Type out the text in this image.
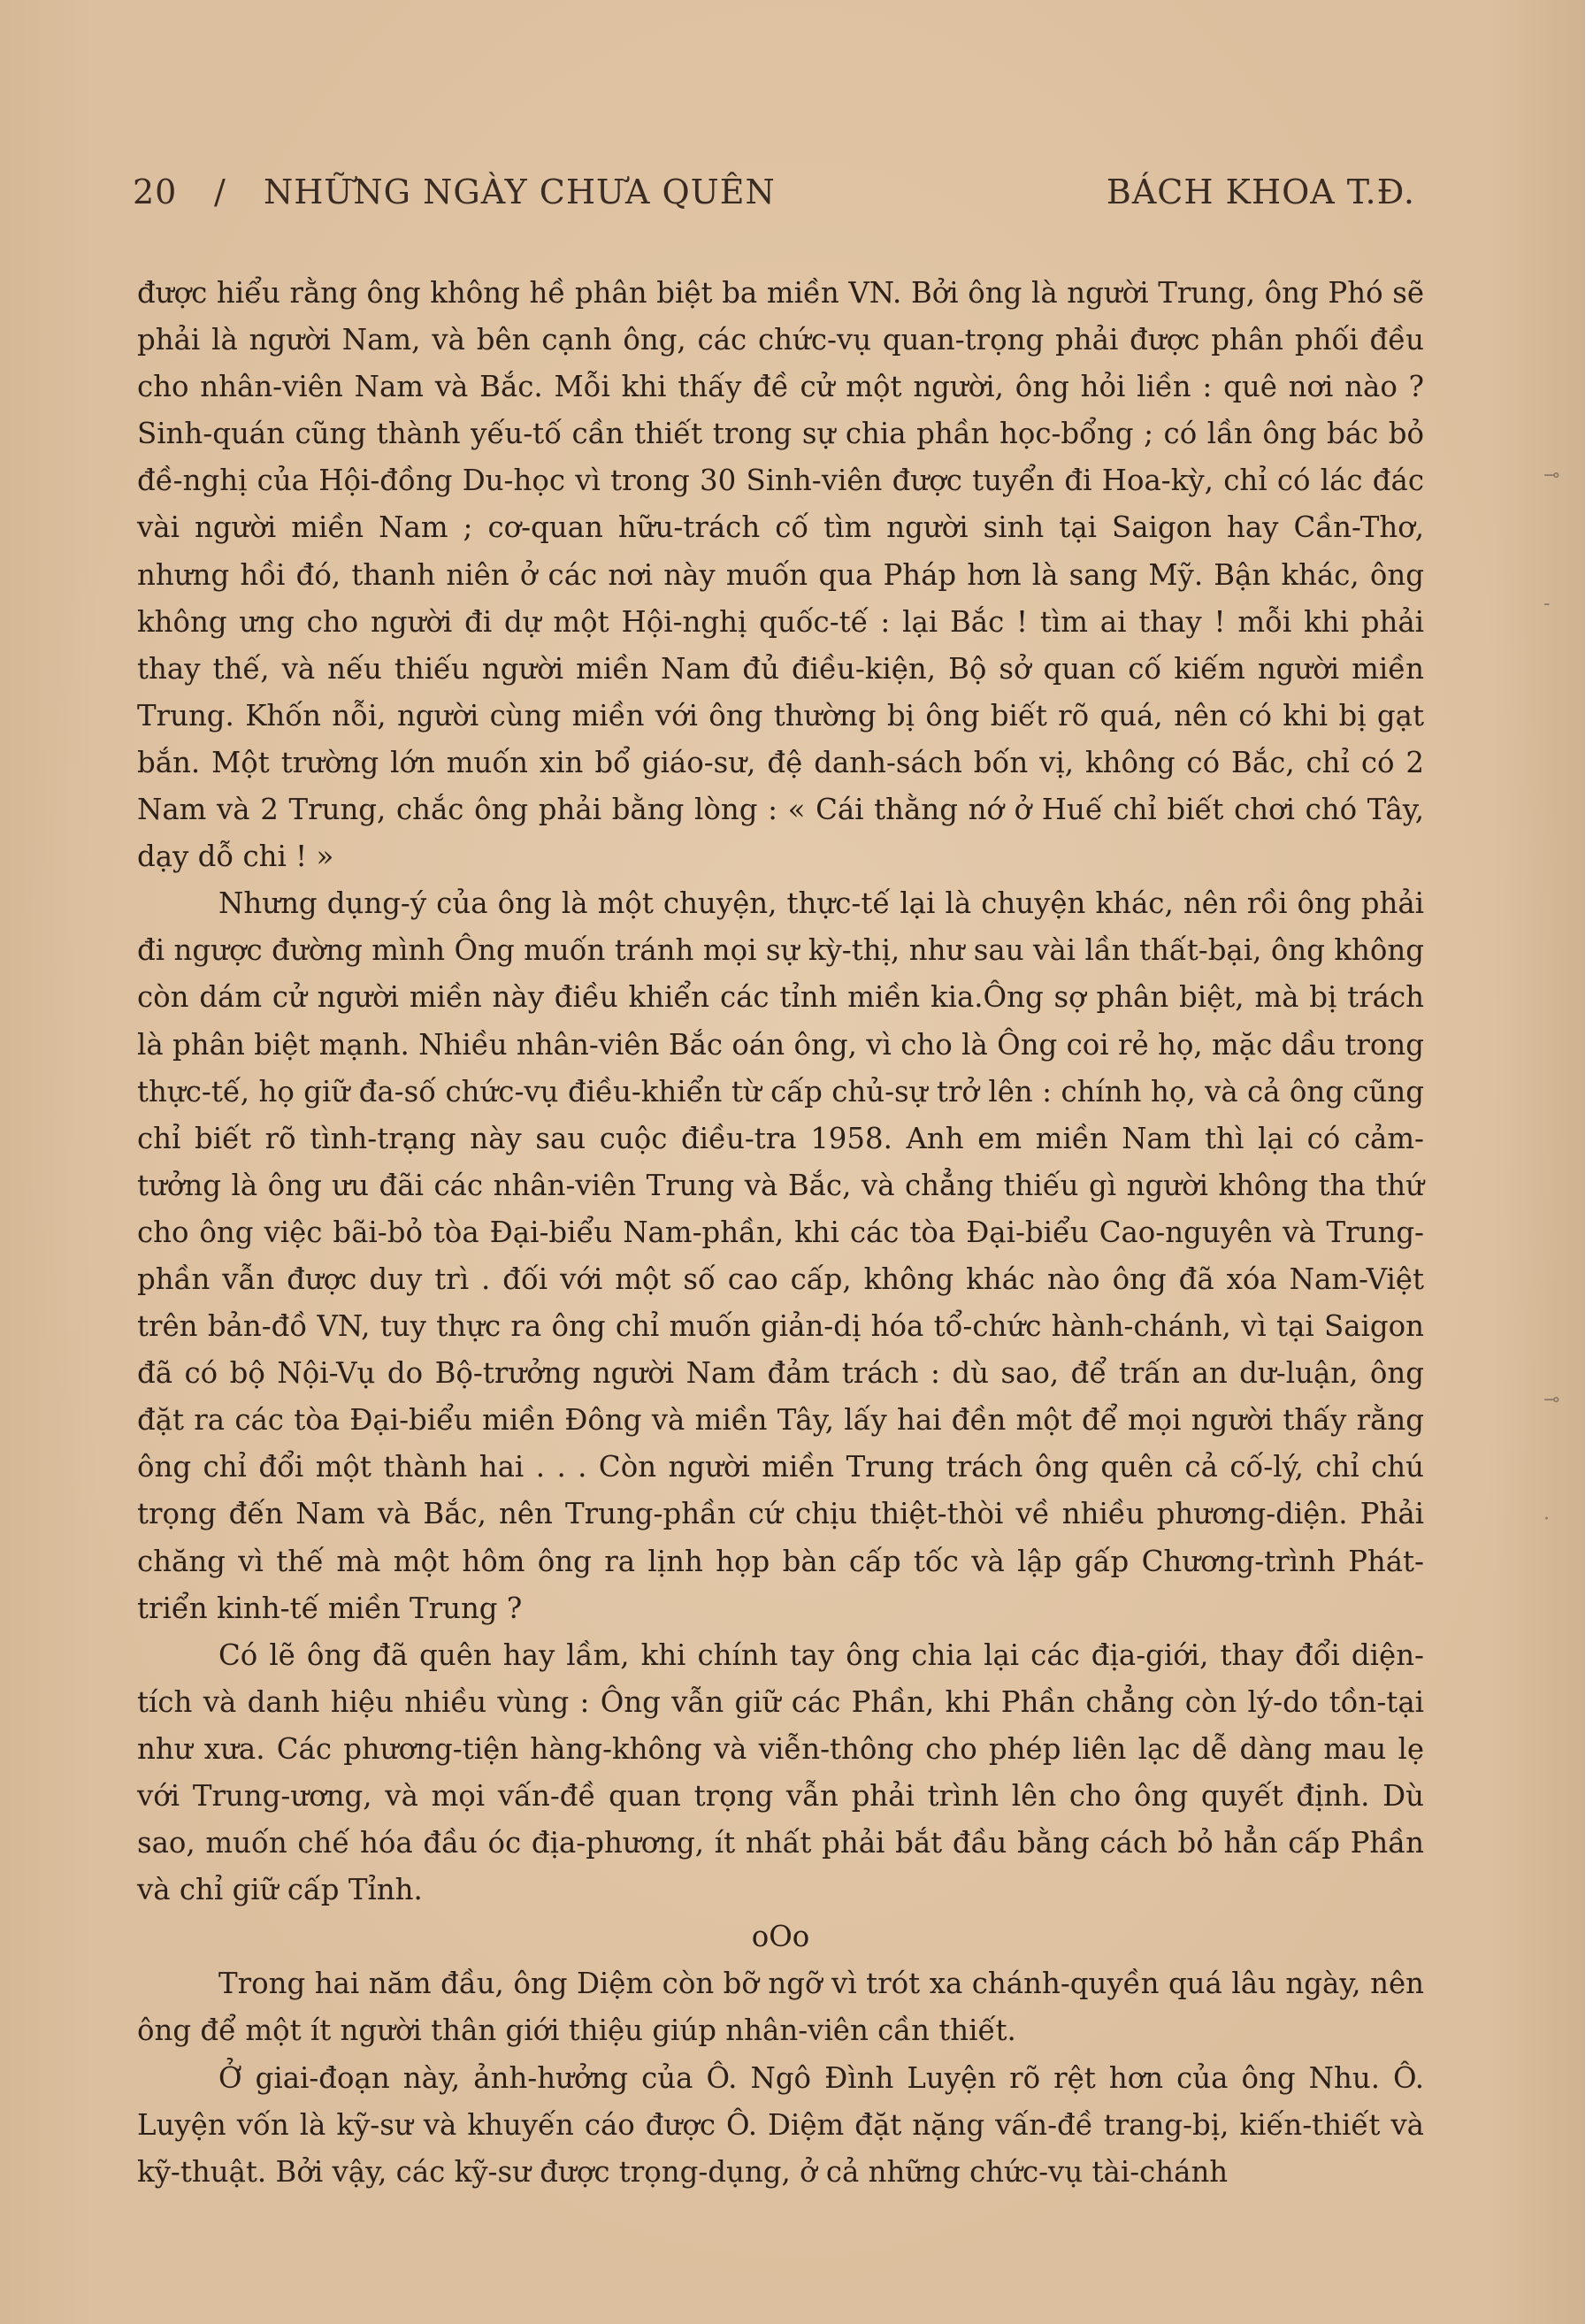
20 / NHỮNG NGÀY CHƯA QUÊN	BÁCH KHOA T.Đ.

được hiểu rằng ông không hề phân biệt ba miền VN. Bởi ông là người Trung, ông Phó sẽ phải là người Nam, và bên cạnh ông, các chức-vụ quan-trọng phải được phân phối đều cho nhân-viên Nam và Bắc. Mỗi khi thấy đề cử một người, ông hỏi liền : quê nơi nào ? Sinh-quán cũng thành yếu-tố cần thiết trong sự chia phần học-bổng ; có lần ông bác bỏ đề-nghị của Hội-đồng Du-học vì trong 30 Sinh-viên được tuyển đi Hoa-kỳ, chỉ có lác đác vài người miền Nam ; cơ-quan hữu-trách cố tìm người sinh tại Saigon hay Cần-Thơ, nhưng hồi đó, thanh niên ở các nơi này muốn qua Pháp hơn là sang Mỹ. Bận khác, ông không ưng cho người đi dự một Hội-nghị quốc-tế : lại Bắc ! tìm ai thay ! mỗi khi phải thay thế, và nếu thiếu người miền Nam đủ điều-kiện, Bộ sở quan cố kiếm người miền Trung. Khốn nỗi, người cùng miền với ông thường bị ông biết rõ quá, nên có khi bị gạt bắn. Một trường lớn muốn xin bổ giáo-sư, đệ danh-sách bốn vị, không có Bắc, chỉ có 2 Nam và 2 Trung, chắc ông phải bằng lòng : « Cái thằng nớ ở Huế chỉ biết chơi chó Tây, dạy dỗ chi ! »

Nhưng dụng-ý của ông là một chuyện, thực-tế lại là chuyện khác, nên rồi ông phải đi ngược đường mình Ông muốn tránh mọi sự kỳ-thị, như sau vài lần thất-bại, ông không còn dám cử người miền này điều khiển các tỉnh miền kia.Ông sợ phân biệt, mà bị trách là phân biệt mạnh. Nhiều nhân-viên Bắc oán ông, vì cho là Ông coi rẻ họ, mặc dầu trong thực-tế, họ giữ đa-số chức-vụ điều-khiển từ cấp chủ-sự trở lên : chính họ, và cả ông cũng chỉ biết rõ tình-trạng này sau cuộc điều-tra 1958. Anh em miền Nam thì lại có cảm-tưởng là ông ưu đãi các nhân-viên Trung và Bắc, và chẳng thiếu gì người không tha thứ cho ông việc bãi-bỏ tòa Đại-biểu Nam-phần, khi các tòa Đại-biểu Cao-nguyên và Trung-phần vẫn được duy trì . đối với một số cao cấp, không khác nào ông đã xóa Nam-Việt trên bản-đồ VN, tuy thực ra ông chỉ muốn giản-dị hóa tổ-chức hành-chánh, vì tại Saigon đã có bộ Nội-Vụ do Bộ-trưởng người Nam đảm trách : dù sao, để trấn an dư-luận, ông đặt ra các tòa Đại-biểu miền Đông và miền Tây, lấy hai đền một để mọi người thấy rằng ông chỉ đổi một thành hai . . . Còn người miền Trung trách ông quên cả cố-lý, chỉ chú trọng đến Nam và Bắc, nên Trung-phần cứ chịu thiệt-thòi về nhiều phương-diện. Phải chăng vì thế mà một hôm ông ra lịnh họp bàn cấp tốc và lập gấp Chương-trình Phát-triển kinh-tế miền Trung ?

Có lẽ ông đã quên hay lầm, khi chính tay ông chia lại các địa-giới, thay đổi diện-tích và danh hiệu nhiều vùng : Ông vẫn giữ các Phần, khi Phần chẳng còn lý-do tồn-tại như xưa. Các phương-tiện hàng-không và viễn-thông cho phép liên lạc dễ dàng mau lẹ với Trung-ương, và mọi vấn-đề quan trọng vẫn phải trình lên cho ông quyết định. Dù sao, muốn chế hóa đầu óc địa-phương, ít nhất phải bắt đầu bằng cách bỏ hẳn cấp Phần và chỉ giữ cấp Tỉnh.

oOo

Trong hai năm đầu, ông Diệm còn bỡ ngỡ vì trót xa chánh-quyền quá lâu ngày, nên ông để một ít người thân giới thiệu giúp nhân-viên cần thiết.

Ở giai-đoạn này, ảnh-hưởng của Ô. Ngô Đình Luyện rõ rệt hơn của ông Nhu. Ô. Luyện vốn là kỹ-sư và khuyến cáo được Ô. Diệm đặt nặng vấn-đề trang-bị, kiến-thiết và kỹ-thuật. Bởi vậy, các kỹ-sư được trọng-dụng, ở cả những chức-vụ tài-chánh

⊸
-
⊸
·
